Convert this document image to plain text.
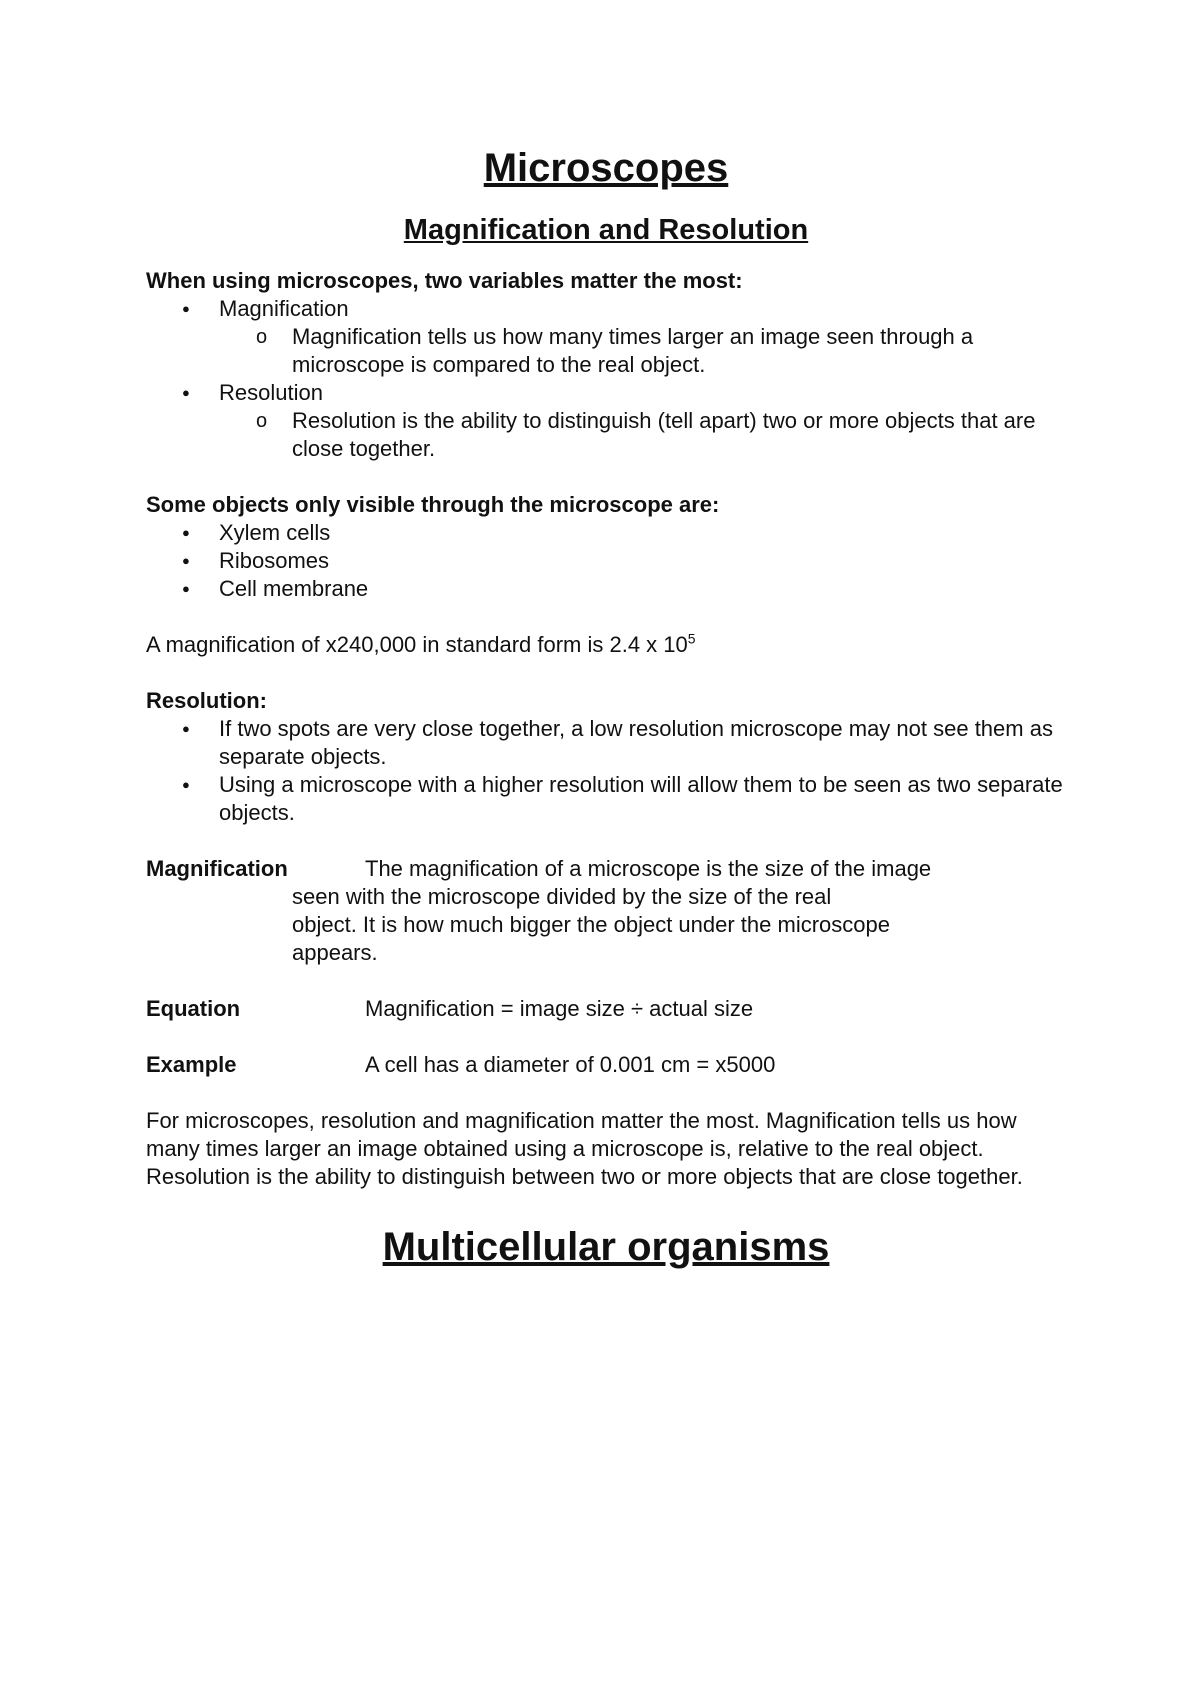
Microscopes
Magnification and Resolution

When using microscopes, two variables matter the most:

● Magnification
o Magnification tells us how many times larger an image seen through a microscope is compared to the real object.
● Resolution
o Resolution is the ability to distinguish (tell apart) two or more objects that are close together.

Some objects only visible through the microscope are:

● Xylem cells
● Ribosomes
● Cell membrane

A magnification of x240,000 in standard form is 2.4 x $10^5$

Resolution:

● If two spots are very close together, a low resolution microscope may not see them as separate objects.
● Using a microscope with a higher resolution will allow them to be seen as two separate objects.
Magnification	The magnification of a microscope is the size of the image
seen with the microscope divided by the size of the real
object. It is how much bigger the object under the microscope
appears.
Equation	Magnification = image size ÷ actual size
Example	A cell has a diameter of 0.001 cm = x5000

For microscopes, resolution and magnification matter the most. Magnification tells us how many times larger an image obtained using a microscope is, relative to the real object. Resolution is the ability to distinguish between two or more objects that are close together.

Multicellular organisms
